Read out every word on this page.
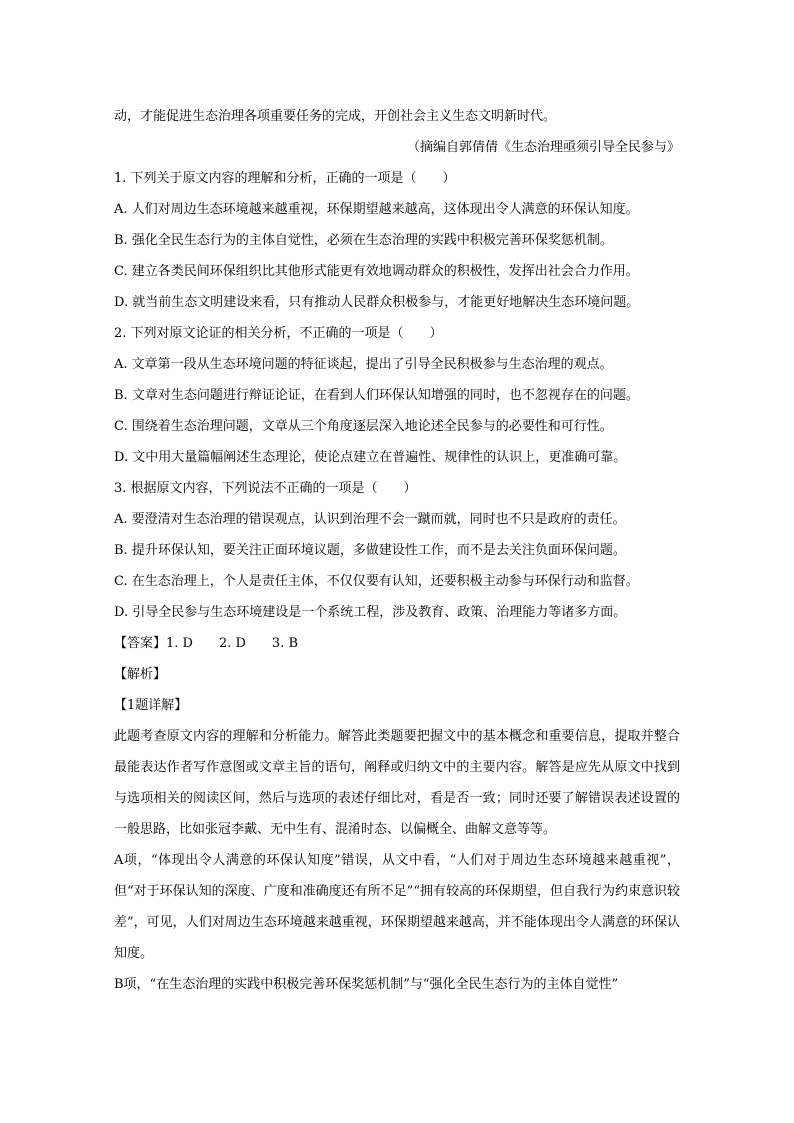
动，才能促进生态治理各项重要任务的完成，开创社会主义生态文明新时代。

（摘编自郭倩倩《生态治理亟须引导全民参与》

1. 下列关于原文内容的理解和分析，正确的一项是（　　）

A. 人们对周边生态环境越来越重视，环保期望越来越高，这体现出令人满意的环保认知度。

B. 强化全民生态行为的主体自觉性，必须在生态治理的实践中积极完善环保奖惩机制。

C. 建立各类民间环保组织比其他形式能更有效地调动群众的积极性，发挥出社会合力作用。

D. 就当前生态文明建设来看，只有推动人民群众积极参与，才能更好地解决生态环境问题。

2. 下列对原文论证的相关分析，不正确的一项是（　　）

A. 文章第一段从生态环境问题的特征谈起，提出了引导全民积极参与生态治理的观点。

B. 文章对生态问题进行辩证论证，在看到人们环保认知增强的同时，也不忽视存在的问题。

C. 围绕着生态治理问题，文章从三个角度逐层深入地论述全民参与的必要性和可行性。

D. 文中用大量篇幅阐述生态理论，使论点建立在普遍性、规律性的认识上，更准确可靠。

3. 根据原文内容，下列说法不正确的一项是（　　）

A. 要澄清对生态治理的错误观点，认识到治理不会一蹴而就，同时也不只是政府的责任。

B. 提升环保认知，要关注正面环境议题，多做建设性工作，而不是去关注负面环保问题。

C. 在生态治理上，个人是责任主体，不仅仅要有认知，还要积极主动参与环保行动和监督。

D. 引导全民参与生态环境建设是一个系统工程，涉及教育、政策、治理能力等诸多方面。

【答案】1. D　　2. D　　3. B

【解析】

【1题详解】

此题考查原文内容的理解和分析能力。解答此类题要把握文中的基本概念和重要信息，提取并整合最能表达作者写作意图或文章主旨的语句，阐释或归纳文中的主要内容。解答是应先从原文中找到与选项相关的阅读区间，然后与选项的表述仔细比对，看是否一致；同时还要了解错误表述设置的一般思路，比如张冠李戴、无中生有、混淆时态、以偏概全、曲解文意等等。

A项，“体现出令人满意的环保认知度”错误，从文中看，“人们对于周边生态环境越来越重视”，但“对于环保认知的深度、广度和准确度还有所不足”“拥有较高的环保期望，但自我行为约束意识较差”，可见，人们对周边生态环境越来越重视，环保期望越来越高，并不能体现出令人满意的环保认知度。

B项，“在生态治理的实践中积极完善环保奖惩机制”与“强化全民生态行为的主体自觉性”
